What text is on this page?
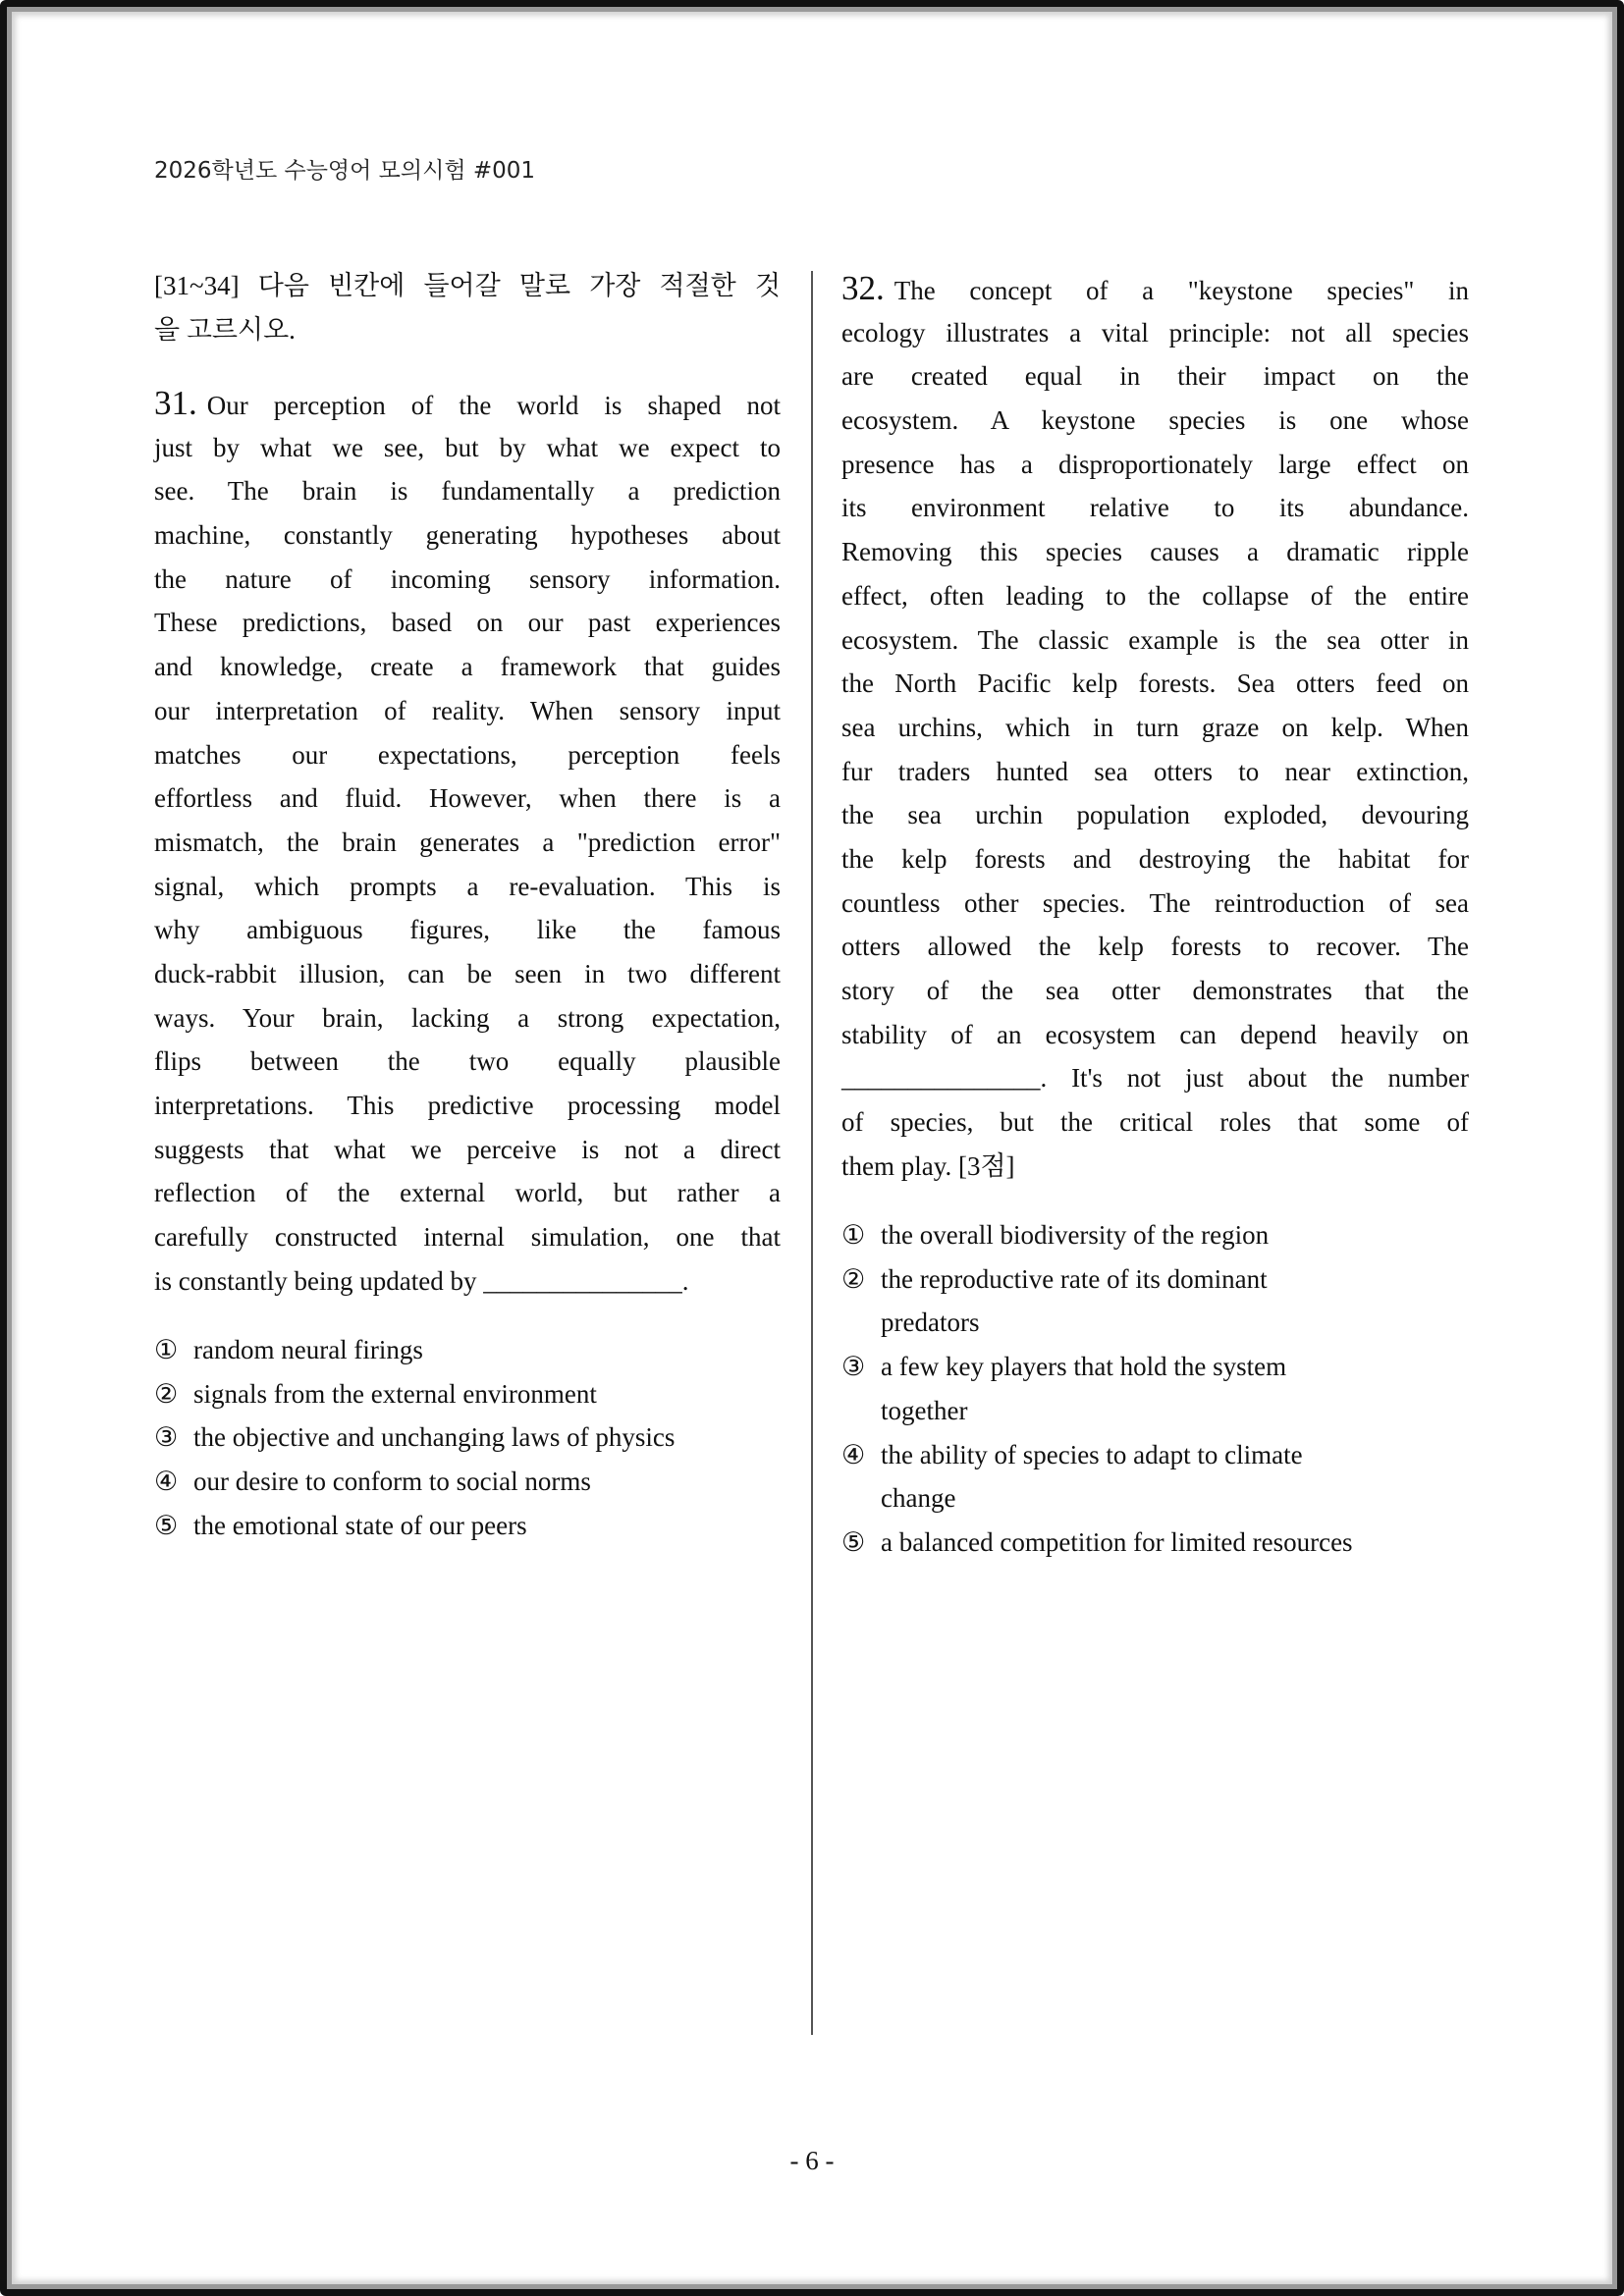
2026학년도 수능영어 모의시험 #001
[31~34] 다음 빈칸에 들어갈 말로 가장 적절한 것
을 고르시오.
31. Our perception of the world is shaped not
just by what we see, but by what we expect to
see. The brain is fundamentally a prediction
machine, constantly generating hypotheses about
the nature of incoming sensory information.
These predictions, based on our past experiences
and knowledge, create a framework that guides
our interpretation of reality. When sensory input
matches our expectations, perception feels
effortless and fluid. However, when there is a
mismatch, the brain generates a "prediction error"
signal, which prompts a re-evaluation. This is
why ambiguous figures, like the famous
duck-rabbit illusion, can be seen in two different
ways. Your brain, lacking a strong expectation,
flips between the two equally plausible
interpretations. This predictive processing model
suggests that what we perceive is not a direct
reflection of the external world, but rather a
carefully constructed internal simulation, one that
is constantly being updated by _______________.
① random neural firings
② signals from the external environment
③ the objective and unchanging laws of physics
④ our desire to conform to social norms
⑤ the emotional state of our peers
32. The concept of a "keystone species" in
ecology illustrates a vital principle: not all species
are created equal in their impact on the
ecosystem. A keystone species is one whose
presence has a disproportionately large effect on
its environment relative to its abundance.
Removing this species causes a dramatic ripple
effect, often leading to the collapse of the entire
ecosystem. The classic example is the sea otter in
the North Pacific kelp forests. Sea otters feed on
sea urchins, which in turn graze on kelp. When
fur traders hunted sea otters to near extinction,
the sea urchin population exploded, devouring
the kelp forests and destroying the habitat for
countless other species. The reintroduction of sea
otters allowed the kelp forests to recover. The
story of the sea otter demonstrates that the
stability of an ecosystem can depend heavily on
_______________. It's not just about the number
of species, but the critical roles that some of
them play. [3점]
① the overall biodiversity of the region
② the reproductive rate of its dominant
predators
③ a few key players that hold the system
together
④ the ability of species to adapt to climate
change
⑤ a balanced competition for limited resources
- 6 -
